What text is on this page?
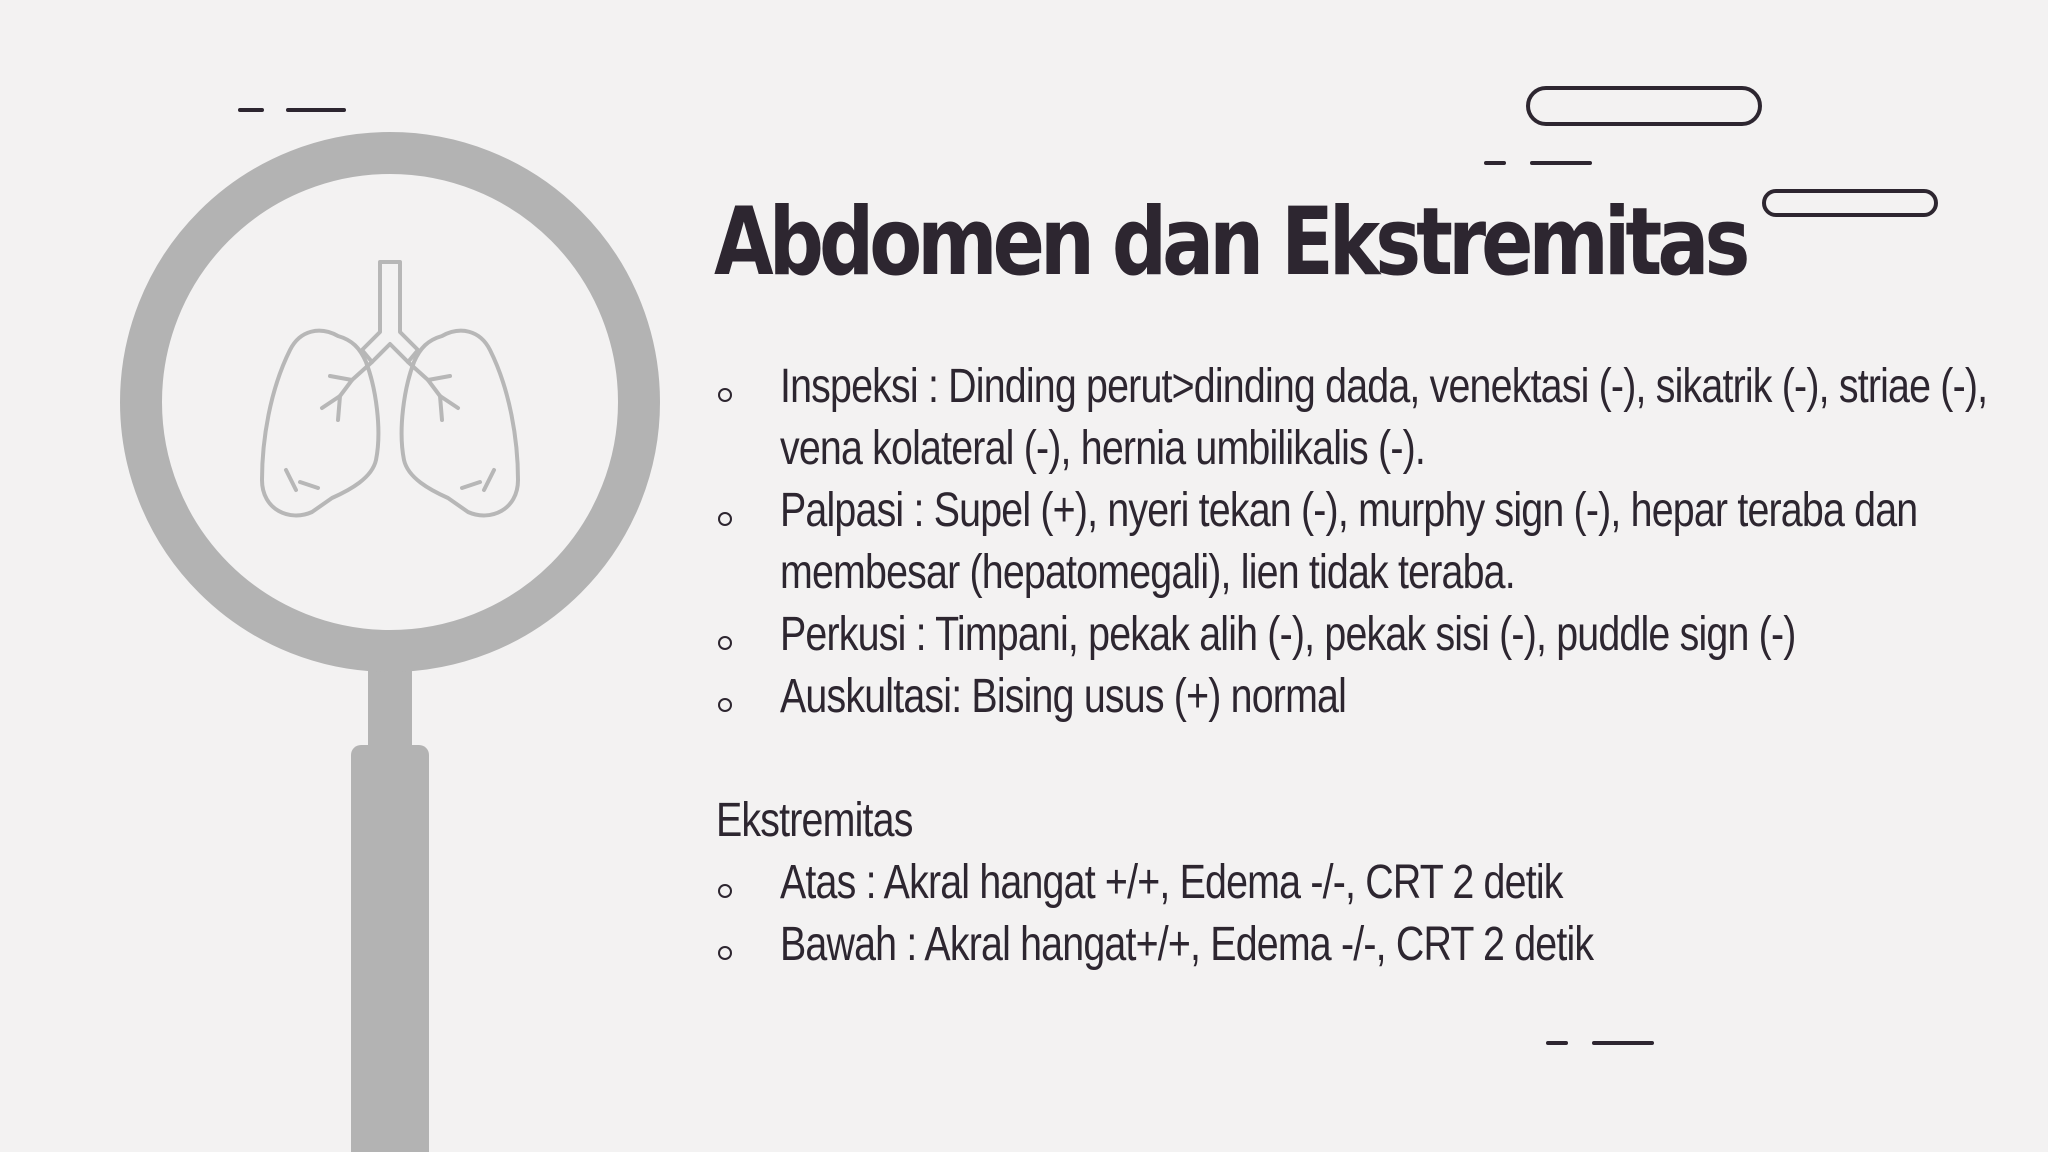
Abdomen dan Ekstremitas
Inspeksi : Dinding perut>dinding dada, venektasi (-), sikatrik (-), striae (-), vena kolateral (-), hernia umbilikalis (-).
Palpasi : Supel (+), nyeri tekan (-), murphy sign (-), hepar teraba dan membesar (hepatomegali), lien tidak teraba.
Perkusi : Timpani, pekak alih (-), pekak sisi (-), puddle sign (-)
Auskultasi: Bising usus (+) normal
Ekstremitas
Atas : Akral hangat +/+, Edema -/-, CRT 2 detik
Bawah : Akral hangat+/+, Edema -/-, CRT 2 detik
